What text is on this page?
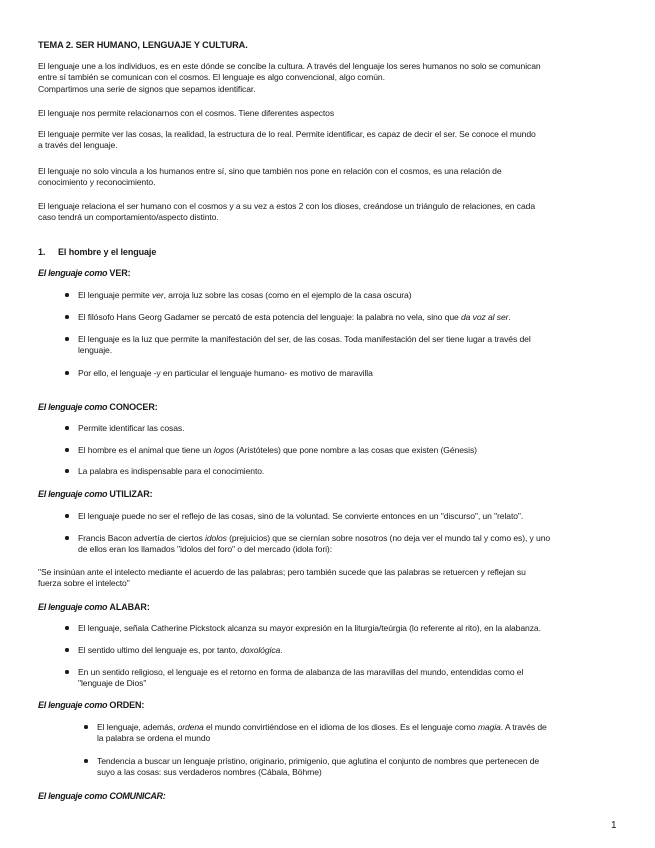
TEMA 2. SER HUMANO, LENGUAJE Y CULTURA.
El lenguaje une a los individuos, es en este dónde se concibe la cultura. A través del lenguaje los seres humanos no solo se comunican
entre sí también se comunican con el cosmos. El lenguaje es algo convencional, algo común.
Compartimos una serie de signos que sepamos identificar.
El lenguaje nos permite relacionarnos con el cosmos. Tiene diferentes aspectos
El lenguaje permite ver las cosas, la realidad, la estructura de lo real. Permite identificar, es capaz de decir el ser. Se conoce el mundo
a través del lenguaje.
El lenguaje no solo vincula a los humanos entre sí, sino que también nos pone en relación con el cosmos, es una relación de
conocimiento y reconocimiento.
El lenguaje relaciona el ser humano con el cosmos y a su vez a estos 2 con los dioses, creándose un triángulo de relaciones, en cada
caso tendrá un comportamiento/aspecto distinto.
1. El hombre y el lenguaje
El lenguaje como VER:
El lenguaje permite ver, arroja luz sobre las cosas (como en el ejemplo de la casa oscura)
El filósofo Hans Georg Gadamer se percató de esta potencia del lenguaje: la palabra no vela, sino que da voz al ser.
El lenguaje es la luz que permite la manifestación del ser, de las cosas. Toda manifestación del ser tiene lugar a través del
lenguaje.
Por ello, el lenguaje -y en particular el lenguaje humano- es motivo de maravilla
El lenguaje como CONOCER:
Permite identificar las cosas.
El hombre es el animal que tiene un logos (Aristóteles) que pone nombre a las cosas que existen (Génesis)
La palabra es indispensable para el conocimiento.
El lenguaje como UTILIZAR:
El lenguaje puede no ser el reflejo de las cosas, sino de la voluntad. Se convierte entonces en un "discurso", un "relato".
Francis Bacon advertía de ciertos idolos (prejuicios) que se ciernían sobre nosotros (no deja ver el mundo tal y como es), y uno
de ellos eran los llamados "idolos del foro" o del mercado (idola fori):
"Se insinúan ante el intelecto mediante el acuerdo de las palabras; pero también sucede que las palabras se retuercen y reflejan su
fuerza sobre el intelecto"
El lenguaje como ALABAR:
El lenguaje, señala Catherine Pickstock alcanza su mayor expresión en la liturgia/teúrgia (lo referente al rito), en la alabanza.
El sentido ultimo del lenguaje es, por tanto, doxológica.
En un sentido religioso, el lenguaje es el retorno en forma de alabanza de las maravillas del mundo, entendidas como el
"lenguaje de Dios"
El lenguaje como ORDEN:
El lenguaje, además, ordena el mundo convirtiéndose en el idioma de los dioses. Es el lenguaje como magia. A través de
la palabra se ordena el mundo
Tendencia a buscar un lenguaje prístino, originario, primigenio, que aglutina el conjunto de nombres que pertenecen de
suyo a las cosas: sus verdaderos nombres (Cábala, Böhme)
El lenguaje como COMUNICAR:
1
